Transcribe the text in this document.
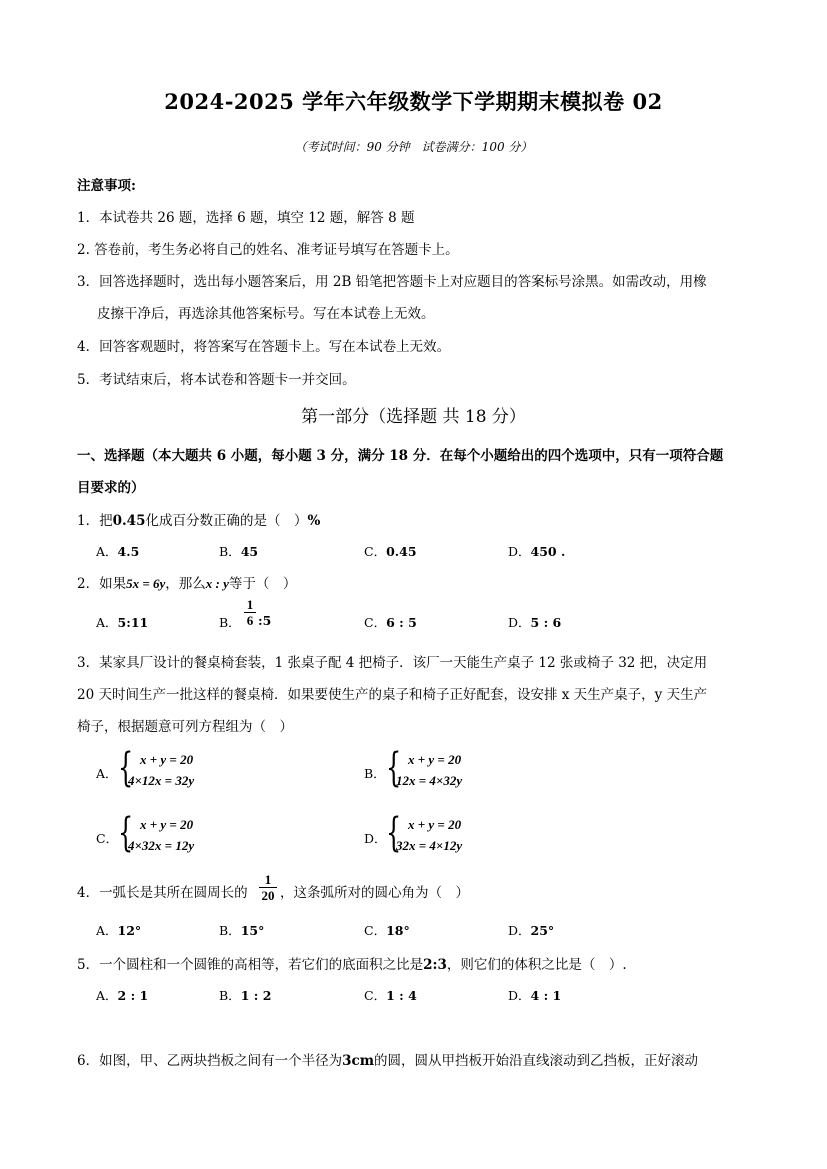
2024-2025 学年六年级数学下学期期末模拟卷 02
（考试时间：90 分钟　试卷满分：100 分）
注意事项:
1．本试卷共 26 题，选择 6 题，填空 12 题，解答 8 题
2. 答卷前，考生务必将自己的姓名、准考证号填写在答题卡上。
3．回答选择题时，选出每小题答案后，用 2B 铅笔把答题卡上对应题目的答案标号涂黑。如需改动，用橡
皮擦干净后，再选涂其他答案标号。写在本试卷上无效。
4．回答客观题时，将答案写在答题卡上。写在本试卷上无效。
5．考试结束后，将本试卷和答题卡一并交回。
第一部分（选择题 共 18 分）
一、选择题（本大题共 6 小题，每小题 3 分，满分 18 分．在每个小题给出的四个选项中，只有一项符合题
目要求的）
1．把0.45化成百分数正确的是（　）%
A．4.5	B．45	C．0.45	D．450 .
2．如果5x = 6y，那么x : y等于（　）
A．5:11	B．
1
6 :5	C．6 : 5	D．5 : 6
3．某家具厂设计的餐桌椅套装，1 张桌子配 4 把椅子．该厂一天能生产桌子 12 张或椅子 32 把，决定用
20 天时间生产一批这样的餐桌椅．如果要使生产的桌子和椅子正好配套，设安排 x 天生产桌子，y 天生产
椅子，根据题意可列方程组为（　）
A． { x + y = 20
4×12x = 32y	B． { x + y = 20
12x = 4×32y
C． { x + y = 20
4×32x = 12y	D． { x + y = 20
32x = 4×12y
4．一弧长是其所在圆周长的
1
20 ，这条弧所对的圆心角为（　）
A．12°	B．15°	C．18°	D．25°
5．一个圆柱和一个圆锥的高相等，若它们的底面积之比是2:3，则它们的体积之比是（　）.
A．2 : 1	B．1 : 2	C．1 : 4	D．4 : 1
6．如图，甲、乙两块挡板之间有一个半径为3cm的圆，圆从甲挡板开始沿直线滚动到乙挡板，正好滚动
